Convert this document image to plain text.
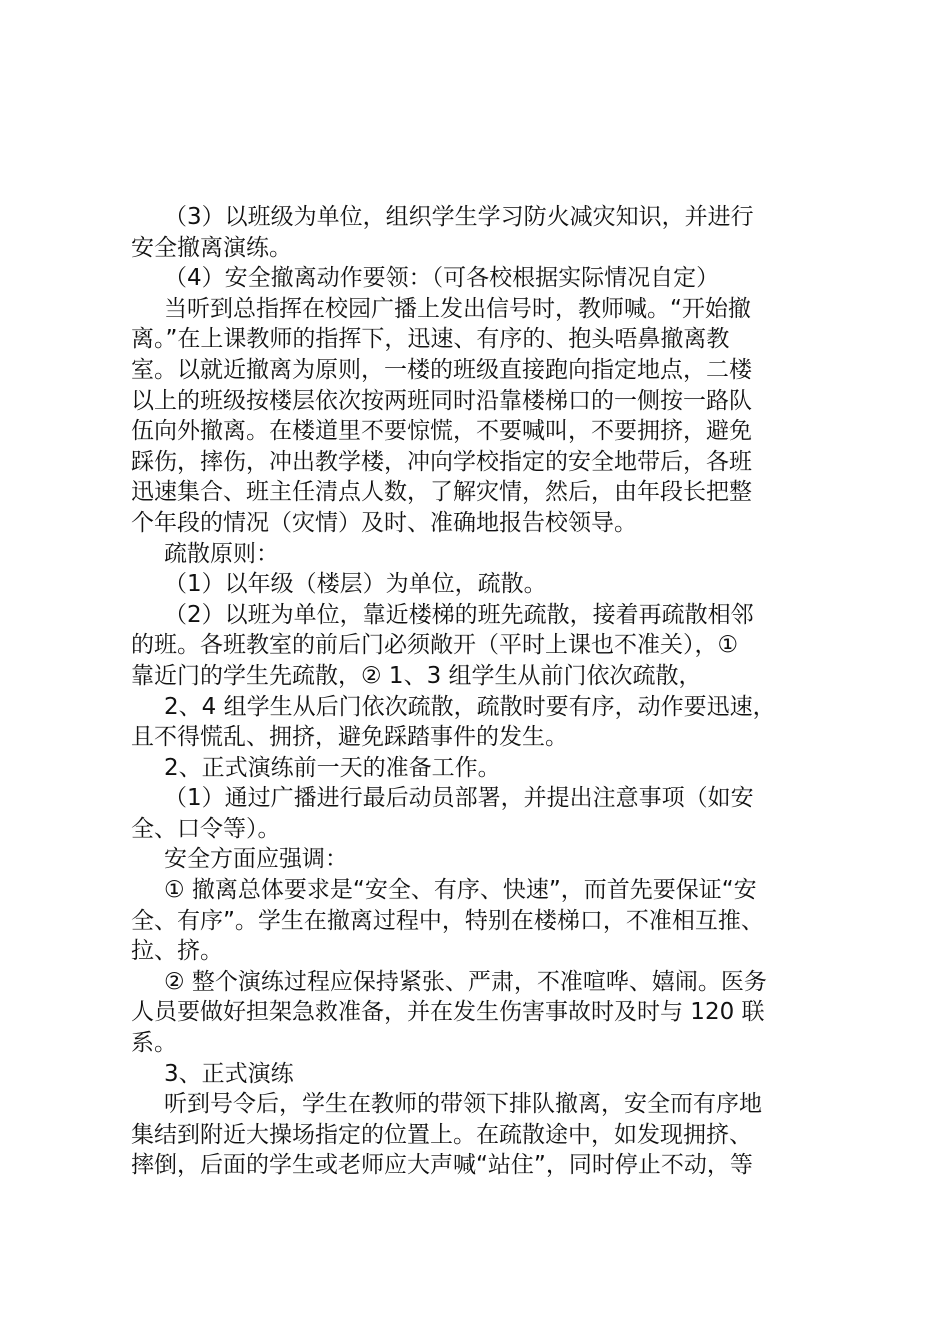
（3）以班级为单位，组织学生学习防火减灾知识，并进行
安全撤离演练。
（4）安全撤离动作要领：（可各校根据实际情况自定）
当听到总指挥在校园广播上发出信号时，教师喊。“开始撤
离。”在上课教师的指挥下，迅速、有序的、抱头唔鼻撤离教
室。以就近撤离为原则，一楼的班级直接跑向指定地点，二楼
以上的班级按楼层依次按两班同时沿靠楼梯口的一侧按一路队
伍向外撤离。在楼道里不要惊慌，不要喊叫，不要拥挤，避免
踩伤，摔伤，冲出教学楼，冲向学校指定的安全地带后，各班
迅速集合、班主任清点人数，了解灾情，然后，由年段长把整
个年段的情况（灾情）及时、准确地报告校领导。
疏散原则：
（1）以年级（楼层）为单位，疏散。
（2）以班为单位，靠近楼梯的班先疏散，接着再疏散相邻
的班。各班教室的前后门必须敞开（平时上课也不准关），①
靠近门的学生先疏散，② 1、3 组学生从前门依次疏散，
2、4 组学生从后门依次疏散，疏散时要有序，动作要迅速，
且不得慌乱、拥挤，避免踩踏事件的发生。
2、正式演练前一天的准备工作。
（1）通过广播进行最后动员部署，并提出注意事项（如安
全、口令等）。
安全方面应强调：
① 撤离总体要求是“安全、有序、快速”，而首先要保证“安
全、有序”。学生在撤离过程中，特别在楼梯口，不准相互推、
拉、挤。
② 整个演练过程应保持紧张、严肃，不准喧哗、嬉闹。医务
人员要做好担架急救准备，并在发生伤害事故时及时与 120 联
系。
3、正式演练
听到号令后，学生在教师的带领下排队撤离，安全而有序地
集结到附近大操场指定的位置上。在疏散途中，如发现拥挤、
摔倒，后面的学生或老师应大声喊“站住”，同时停止不动，等
